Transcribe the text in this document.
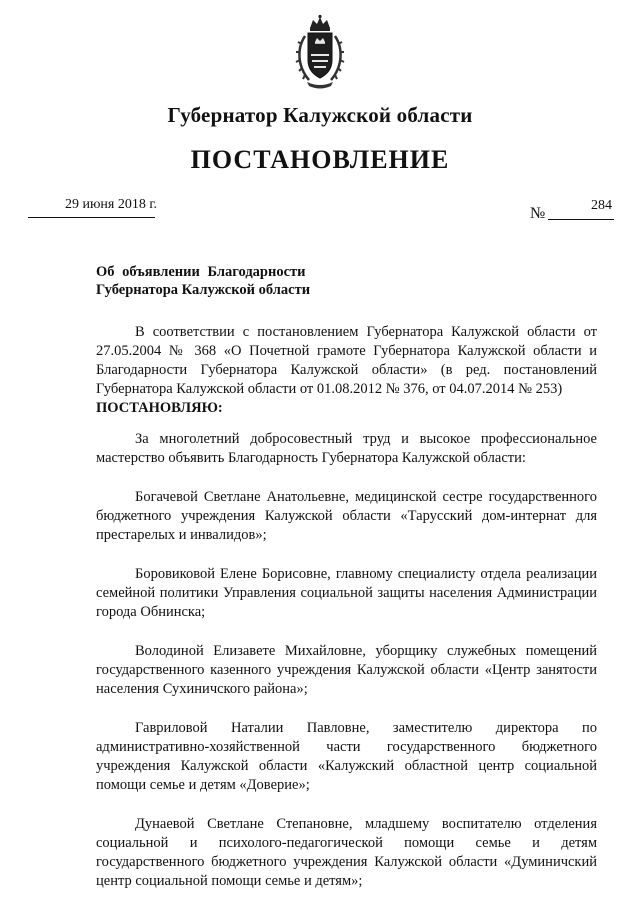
Губернатор Калужской области
ПОСТАНОВЛЕНИЕ
29 июня 2018 г.
№	284
Об объявлении Благодарности
Губернатора Калужской области

В соответствии с постановлением Губернатора Калужской области от 27.05.2004 № 368 «О Почетной грамоте Губернатора Калужской области и Благодарности Губернатора Калужской области» (в ред. постановлений Губернатора Калужской области от 01.08.2012 № 376, от 04.07.2014 № 253)
ПОСТАНОВЛЯЮ:

За многолетний добросовестный труд и высокое профессиональное мастерство объявить Благодарность Губернатора Калужской области:

Богачевой Светлане Анатольевне, медицинской сестре государственного бюджетного учреждения Калужской области «Тарусский дом-интернат для престарелых и инвалидов»;

Боровиковой Елене Борисовне, главному специалисту отдела реализации семейной политики Управления социальной защиты населения Администрации города Обнинска;

Володиной Елизавете Михайловне, уборщику служебных помещений государственного казенного учреждения Калужской области «Центр занятости населения Сухиничского района»;

Гавриловой Наталии Павловне, заместителю директора по административно-хозяйственной части государственного бюджетного учреждения Калужской области «Калужский областной центр социальной помощи семье и детям «Доверие»;

Дунаевой Светлане Степановне, младшему воспитателю отделения социальной и психолого-педагогической помощи семье и детям государственного бюджетного учреждения Калужской области «Думиничский центр социальной помощи семье и детям»;
